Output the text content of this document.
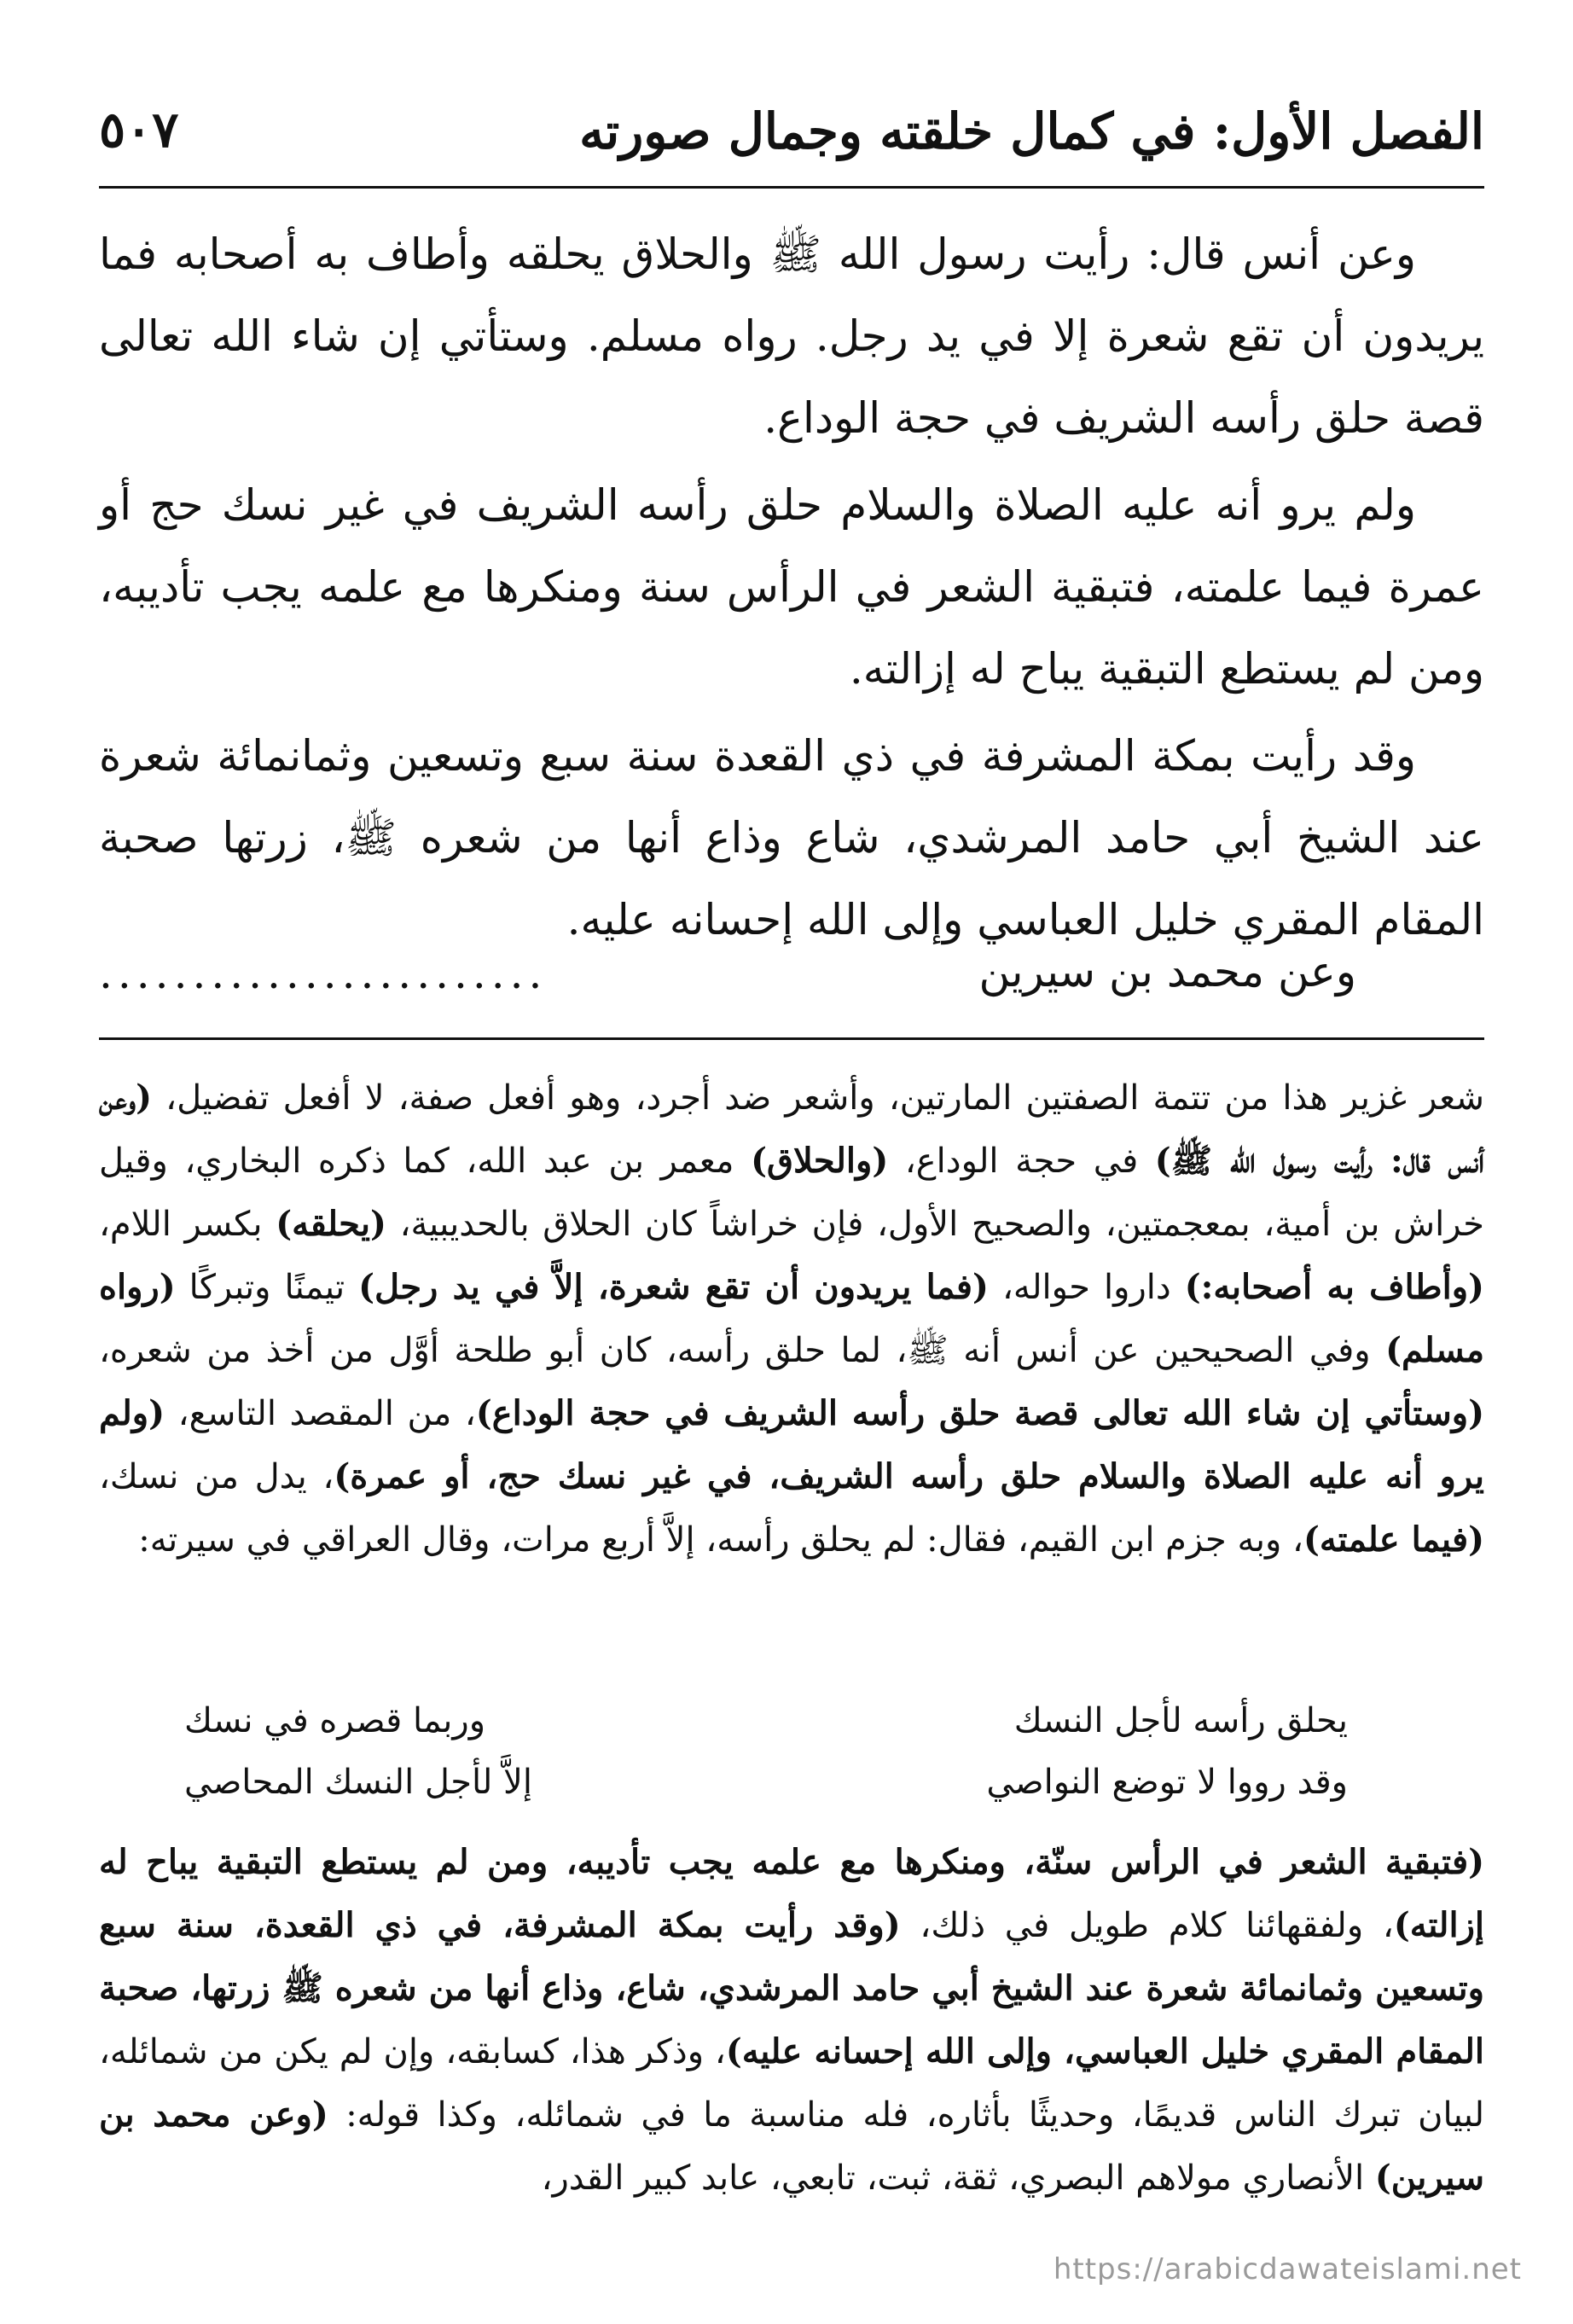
الفصل الأول: في كمال خلقته وجمال صورته
٥٠٧

وعن أنس قال: رأيت رسول الله ﷺ والحلاق يحلقه وأطاف به أصحابه فما يريدون أن تقع شعرة إلا في يد رجل. رواه مسلم. وستأتي إن شاء الله تعالى قصة حلق رأسه الشريف في حجة الوداع.

ولم يرو أنه عليه الصلاة والسلام حلق رأسه الشريف في غير نسك حج أو عمرة فيما علمته، فتبقية الشعر في الرأس سنة ومنكرها مع علمه يجب تأديبه، ومن لم يستطع التبقية يباح له إزالته.

وقد رأيت بمكة المشرفة في ذي القعدة سنة سبع وتسعين وثمانمائة شعرة عند الشيخ أبي حامد المرشدي، شاع وذاع أنها من شعره ﷺ، زرتها صحبة المقام المقري خليل العباسي وإلى الله إحسانه عليه.

وعن محمد بن سيرين
........................

شعر غزير هذا من تتمة الصفتين المارتين، وأشعر ضد أجرد، وهو أفعل صفة، لا أفعل تفضيل، (وعن أنس قال: رأيت رسول الله ﷺ) في حجة الوداع، (والحلاق) معمر بن عبد الله، كما ذكره البخاري، وقيل خراش بن أمية، بمعجمتين، والصحيح الأول، فإن خراشاً كان الحلاق بالحديبية، (يحلقه) بكسر اللام، (وأطاف به أصحابه:) داروا حواله، (فما يريدون أن تقع شعرة، إلاَّ في يد رجل) تيمنًا وتبركًا (رواه مسلم) وفي الصحيحين عن أنس أنه ﷺ، لما حلق رأسه، كان أبو طلحة أوَّل من أخذ من شعره، (وستأتي إن شاء الله تعالى قصة حلق رأسه الشريف في حجة الوداع)، من المقصد التاسع، (ولم يرو أنه عليه الصلاة والسلام حلق رأسه الشريف، في غير نسك حج، أو عمرة)، يدل من نسك، (فيما علمته)، وبه جزم ابن القيم، فقال: لم يحلق رأسه، إلاَّ أربع مرات، وقال العراقي في سيرته:

يحلق رأسه لأجل النسك
وربما قصره في نسك
وقد رووا لا توضع النواصي
إلاَّ لأجل النسك المحاصي

(فتبقية الشعر في الرأس سنّة، ومنكرها مع علمه يجب تأديبه، ومن لم يستطع التبقية يباح له إزالته)، ولفقهائنا كلام طويل في ذلك، (وقد رأيت بمكة المشرفة، في ذي القعدة، سنة سبع وتسعين وثمانمائة شعرة عند الشيخ أبي حامد المرشدي، شاع، وذاع أنها من شعره ﷺ زرتها، صحبة المقام المقري خليل العباسي، وإلى الله إحسانه عليه)، وذكر هذا، كسابقه، وإن لم يكن من شمائله، لبيان تبرك الناس قديمًا، وحديثًا بأثاره، فله مناسبة ما في شمائله، وكذا قوله: (وعن محمد بن سيرين) الأنصاري مولاهم البصري، ثقة، ثبت، تابعي، عابد كبير القدر،

https://arabicdawateislami.net
